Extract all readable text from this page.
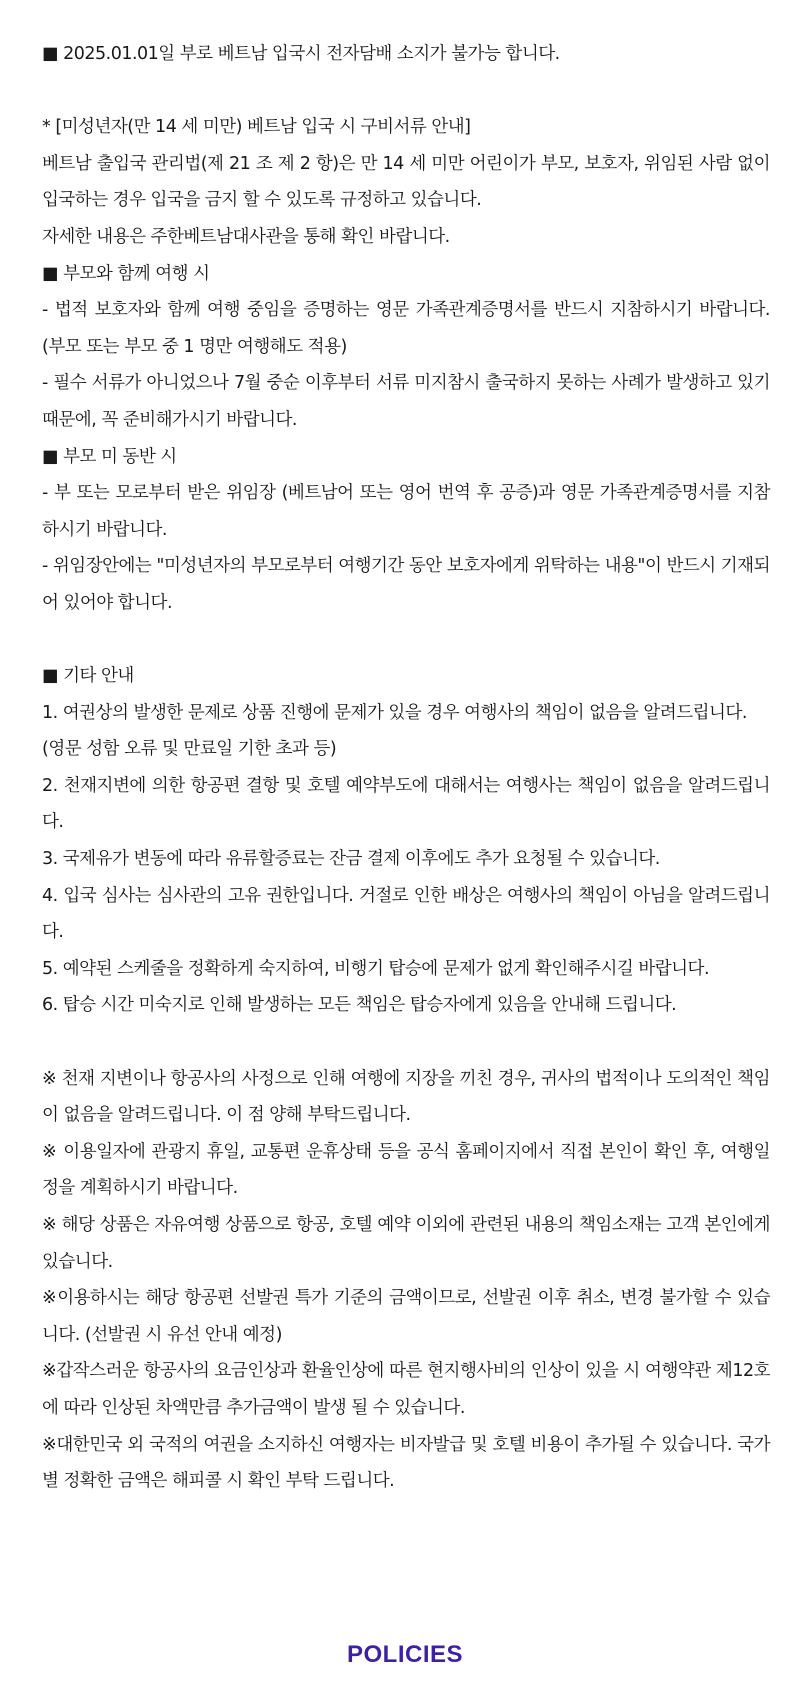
■ 2025.01.01일 부로 베트남 입국시 전자담배 소지가 불가능 합니다.
* [미성년자(만 14 세 미만) 베트남 입국 시 구비서류 안내]
베트남 출입국 관리법(제 21 조 제 2 항)은 만 14 세 미만 어린이가 부모, 보호자, 위임된 사람 없이 입국하는 경우 입국을 금지 할 수 있도록 규정하고 있습니다.
자세한 내용은 주한베트남대사관을 통해 확인 바랍니다.
■ 부모와 함께 여행 시
- 법적 보호자와 함께 여행 중임을 증명하는 영문 가족관계증명서를 반드시 지참하시기 바랍니다. (부모 또는 부모 중 1 명만 여행해도 적용)
- 필수 서류가 아니었으나 7월 중순 이후부터 서류 미지참시 출국하지 못하는 사례가 발생하고 있기 때문에, 꼭 준비해가시기 바랍니다.
■ 부모 미 동반 시
- 부 또는 모로부터 받은 위임장 (베트남어 또는 영어 번역 후 공증)과 영문 가족관계증명서를 지참하시기 바랍니다.
- 위임장안에는 "미성년자의 부모로부터 여행기간 동안 보호자에게 위탁하는 내용"이 반드시 기재되어 있어야 합니다.
■ 기타 안내
1. 여권상의 발생한 문제로 상품 진행에 문제가 있을 경우 여행사의 책임이 없음을 알려드립니다.
(영문 성함 오류 및 만료일 기한 초과 등)
2. 천재지변에 의한 항공편 결항 및 호텔 예약부도에 대해서는 여행사는 책임이 없음을 알려드립니다.
3. 국제유가 변동에 따라 유류할증료는 잔금 결제 이후에도 추가 요청될 수 있습니다.
4. 입국 심사는 심사관의 고유 권한입니다. 거절로 인한 배상은 여행사의 책임이 아님을 알려드립니다.
5. 예약된 스케줄을 정확하게 숙지하여, 비행기 탑승에 문제가 없게 확인해주시길 바랍니다.
6. 탑승 시간 미숙지로 인해 발생하는 모든 책임은 탑승자에게 있음을 안내해 드립니다.
※ 천재 지변이나 항공사의 사정으로 인해 여행에 지장을 끼친 경우, 귀사의 법적이나 도의적인 책임이 없음을 알려드립니다. 이 점 양해 부탁드립니다.
※ 이용일자에 관광지 휴일, 교통편 운휴상태 등을 공식 홈페이지에서 직접 본인이 확인 후, 여행일정을 계획하시기 바랍니다.
※ 해당 상품은 자유여행 상품으로 항공, 호텔 예약 이외에 관련된 내용의 책임소재는 고객 본인에게 있습니다.
※이용하시는 해당 항공편 선발권 특가 기준의 금액이므로, 선발권 이후 취소, 변경 불가할 수 있습니다. (선발권 시 유선 안내 예정)
※갑작스러운 항공사의 요금인상과 환율인상에 따른 현지행사비의 인상이 있을 시 여행약관 제12호에 따라 인상된 차액만큼 추가금액이 발생 될 수 있습니다.
※대한민국 외 국적의 여권을 소지하신 여행자는 비자발급 및 호텔 비용이 추가될 수 있습니다. 국가별 정확한 금액은 해피콜 시 확인 부탁 드립니다.
POLICIES
